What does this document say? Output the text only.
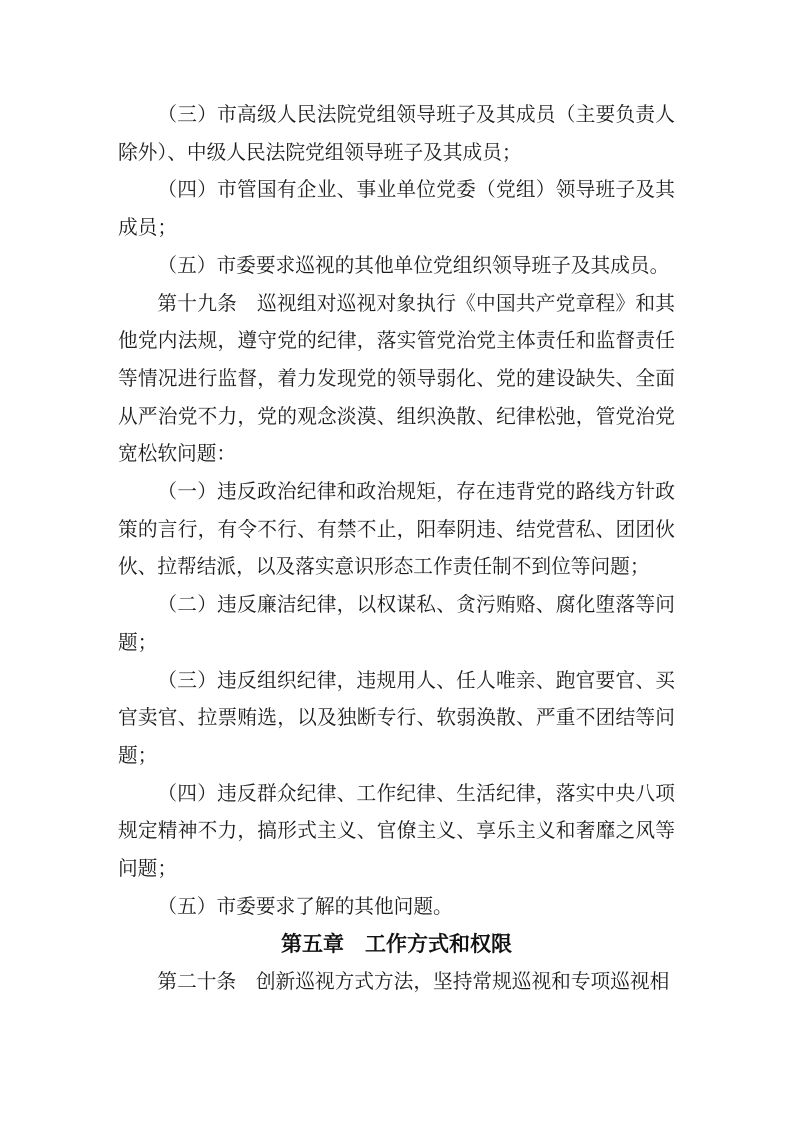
（三）市高级人民法院党组领导班子及其成员（主要负责人除外）、中级人民法院党组领导班子及其成员；

（四）市管国有企业、事业单位党委（党组）领导班子及其成员；

（五）市委要求巡视的其他单位党组织领导班子及其成员。

第十九条　巡视组对巡视对象执行《中国共产党章程》和其他党内法规，遵守党的纪律，落实管党治党主体责任和监督责任等情况进行监督，着力发现党的领导弱化、党的建设缺失、全面从严治党不力，党的观念淡漠、组织涣散、纪律松弛，管党治党宽松软问题：

（一）违反政治纪律和政治规矩，存在违背党的路线方针政策的言行，有令不行、有禁不止，阳奉阴违、结党营私、团团伙伙、拉帮结派，以及落实意识形态工作责任制不到位等问题；

（二）违反廉洁纪律，以权谋私、贪污贿赂、腐化堕落等问题；

（三）违反组织纪律，违规用人、任人唯亲、跑官要官、买官卖官、拉票贿选，以及独断专行、软弱涣散、严重不团结等问题；

（四）违反群众纪律、工作纪律、生活纪律，落实中央八项规定精神不力，搞形式主义、官僚主义、享乐主义和奢靡之风等问题；

（五）市委要求了解的其他问题。

第五章　工作方式和权限

第二十条　创新巡视方式方法，坚持常规巡视和专项巡视相
